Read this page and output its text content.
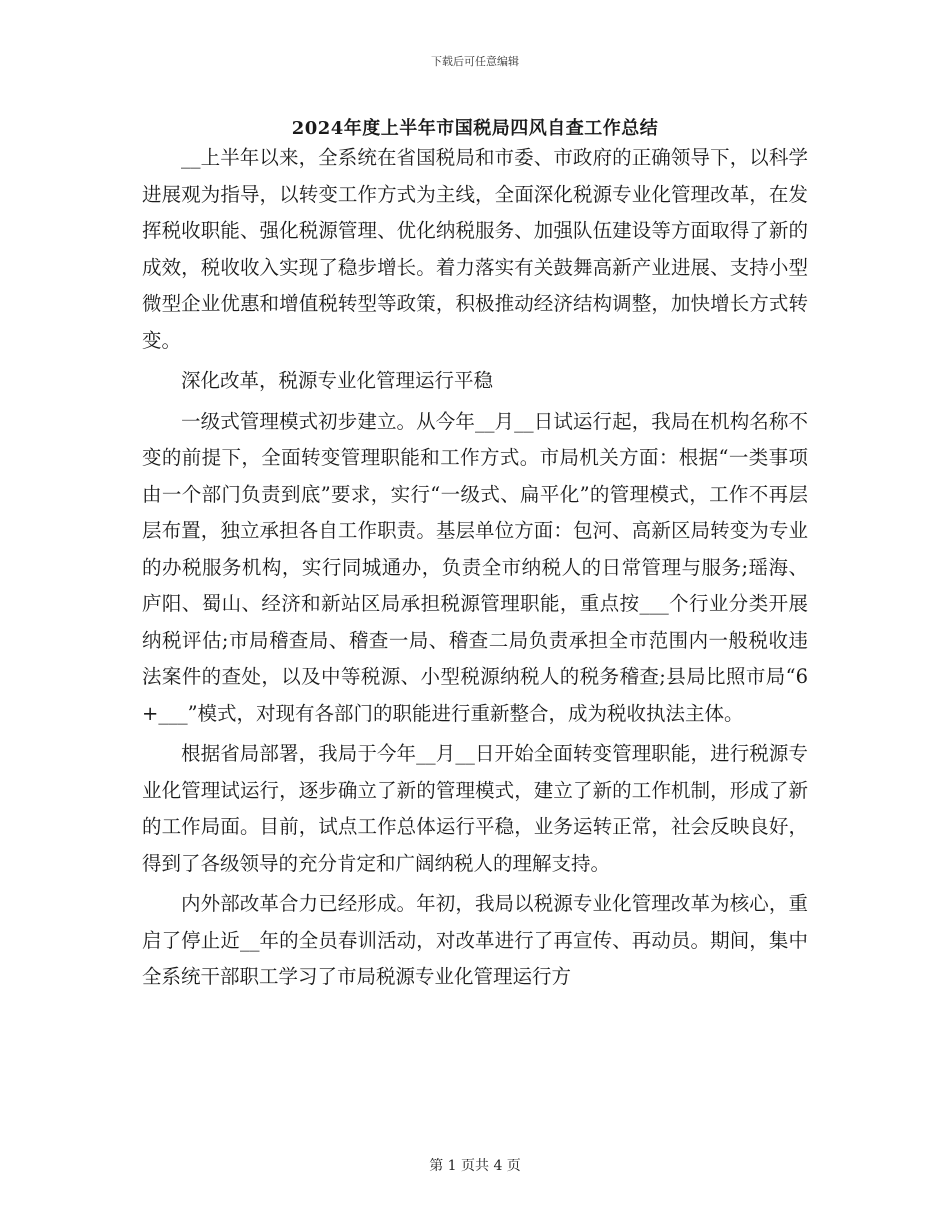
下载后可任意编辑
2024年度上半年市国税局四风自查工作总结

__上半年以来，全系统在省国税局和市委、市政府的正确领导下，以科学进展观为指导，以转变工作方式为主线，全面深化税源专业化管理改革，在发挥税收职能、强化税源管理、优化纳税服务、加强队伍建设等方面取得了新的成效，税收收入实现了稳步增长。着力落实有关鼓舞高新产业进展、支持小型微型企业优惠和增值税转型等政策，积极推动经济结构调整，加快增长方式转变。

深化改革，税源专业化管理运行平稳

一级式管理模式初步建立。从今年__月__日试运行起，我局在机构名称不变的前提下，全面转变管理职能和工作方式。市局机关方面：根据“一类事项由一个部门负责到底”要求，实行“一级式、扁平化”的管理模式，工作不再层层布置，独立承担各自工作职责。基层单位方面：包河、高新区局转变为专业的办税服务机构，实行同城通办，负责全市纳税人的日常管理与服务;瑶海、庐阳、蜀山、经济和新站区局承担税源管理职能，重点按___个行业分类开展纳税评估;市局稽查局、稽查一局、稽查二局负责承担全市范围内一般税收违法案件的查处，以及中等税源、小型税源纳税人的税务稽查;县局比照市局“6+___”模式，对现有各部门的职能进行重新整合，成为税收执法主体。

根据省局部署，我局于今年__月__日开始全面转变管理职能，进行税源专业化管理试运行，逐步确立了新的管理模式，建立了新的工作机制，形成了新的工作局面。目前，试点工作总体运行平稳，业务运转正常，社会反映良好，得到了各级领导的充分肯定和广阔纳税人的理解支持。

内外部改革合力已经形成。年初，我局以税源专业化管理改革为核心，重启了停止近__年的全员春训活动，对改革进行了再宣传、再动员。期间，集中全系统干部职工学习了市局税源专业化管理运行方

第 1 页共 4 页
